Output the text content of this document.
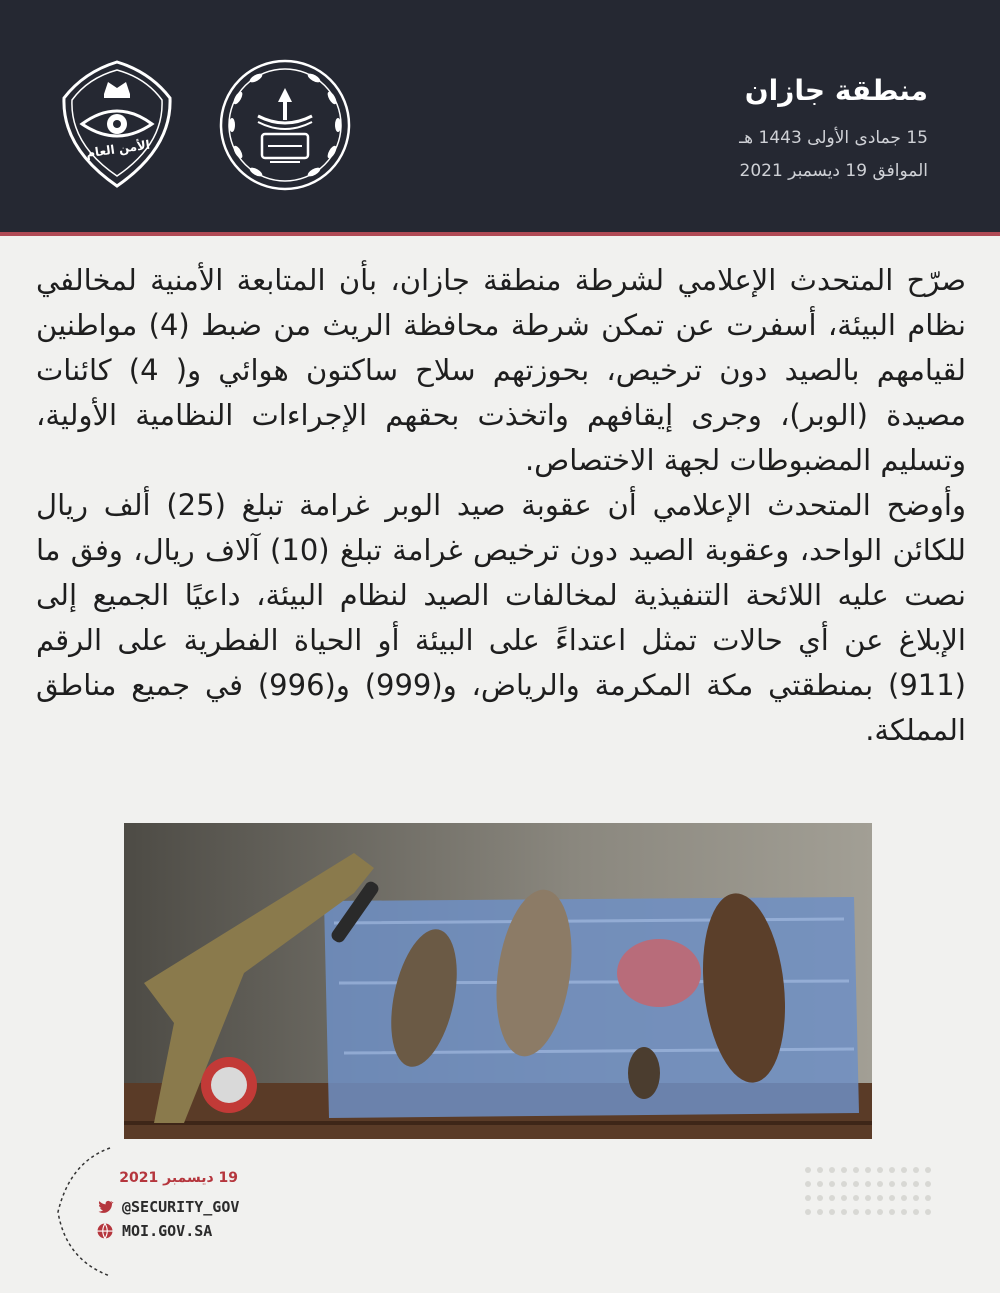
منطقة جازان
15 جمادى الأولى 1443 هـ
الموافق 19 ديسمبر 2021
الأمن العام

صرّح المتحدث الإعلامي لشرطة منطقة جازان، بأن المتابعة الأمنية لمخالفي نظام البيئة، أسفرت عن تمكن شرطة محافظة الريث من ضبط (4) مواطنين لقيامهم بالصيد دون ترخيص، بحوزتهم سلاح ساكتون هوائي و( 4) كائنات مصيدة (الوبر)، وجرى إيقافهم واتخذت بحقهم الإجراءات النظامية الأولية، وتسليم المضبوطات لجهة الاختصاص.

وأوضح المتحدث الإعلامي أن عقوبة صيد الوبر غرامة تبلغ (25) ألف ريال للكائن الواحد، وعقوبة الصيد دون ترخيص غرامة تبلغ (10) آلاف ريال، وفق ما نصت عليه اللائحة التنفيذية لمخالفات الصيد لنظام البيئة، داعيًا الجميع إلى الإبلاغ عن أي حالات تمثل اعتداءً على البيئة أو الحياة الفطرية على الرقم (911) بمنطقتي مكة المكرمة والرياض، و(999) و(996) في جميع مناطق المملكة.

19 ديسمبر 2021
@SECURITY_GOV
MOI.GOV.SA
